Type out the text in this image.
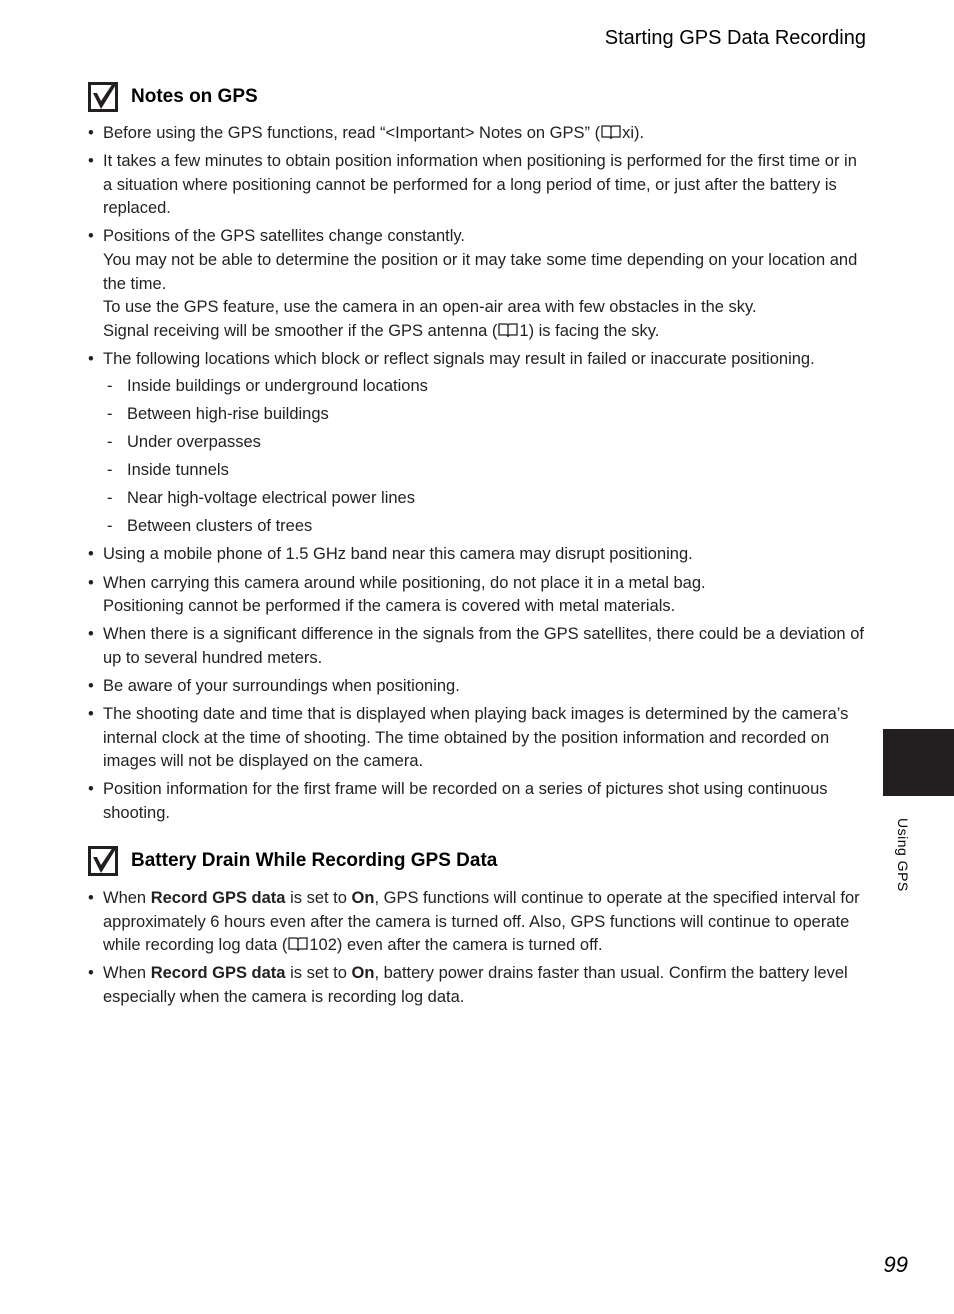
Starting GPS Data Recording
Notes on GPS
• Before using the GPS functions, read “<Important> Notes on GPS” ( xi).
• It takes a few minutes to obtain position information when positioning is performed for the first time or in a situation where positioning cannot be performed for a long period of time, or just after the battery is replaced.
• Positions of the GPS satellites change constantly.
You may not be able to determine the position or it may take some time depending on your location and the time.
To use the GPS feature, use the camera in an open-air area with few obstacles in the sky.
Signal receiving will be smoother if the GPS antenna ( 1) is facing the sky.
• The following locations which block or reflect signals may result in failed or inaccurate positioning.
- Inside buildings or underground locations
- Between high-rise buildings
- Under overpasses
- Inside tunnels
- Near high-voltage electrical power lines
- Between clusters of trees
• Using a mobile phone of 1.5 GHz band near this camera may disrupt positioning.
• When carrying this camera around while positioning, do not place it in a metal bag.
Positioning cannot be performed if the camera is covered with metal materials.
• When there is a significant difference in the signals from the GPS satellites, there could be a deviation of up to several hundred meters.
• Be aware of your surroundings when positioning.
• The shooting date and time that is displayed when playing back images is determined by the camera’s internal clock at the time of shooting. The time obtained by the position information and recorded on images will not be displayed on the camera.
• Position information for the first frame will be recorded on a series of pictures shot using continuous shooting.
Battery Drain While Recording GPS Data
• When Record GPS data is set to On, GPS functions will continue to operate at the specified interval for approximately 6 hours even after the camera is turned off. Also, GPS functions will continue to operate while recording log data ( 102) even after the camera is turned off.
• When Record GPS data is set to On, battery power drains faster than usual. Confirm the battery level especially when the camera is recording log data.
Using GPS
99
